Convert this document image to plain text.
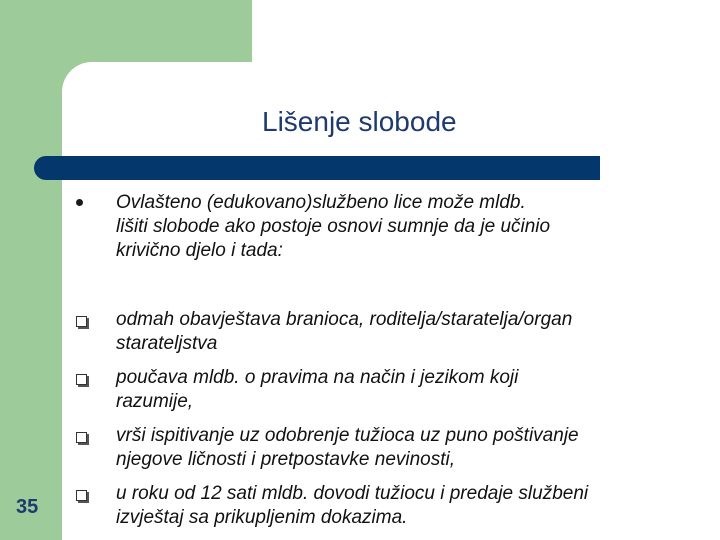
Lišenje slobode
Ovlašteno (edukovano)službeno lice može mldb.
lišiti slobode ako postoje osnovi sumnje da je učinio
krivično djelo i tada:
odmah obavještava branioca, roditelja/staratelja/organ
starateljstva
poučava mldb. o pravima na način i jezikom koji
razumije,
vrši ispitivanje uz odobrenje tužioca uz puno poštivanje
njegove ličnosti i pretpostavke nevinosti,
u roku od 12 sati mldb. dovodi tužiocu i predaje službeni
izvještaj sa prikupljenim dokazima.
35
